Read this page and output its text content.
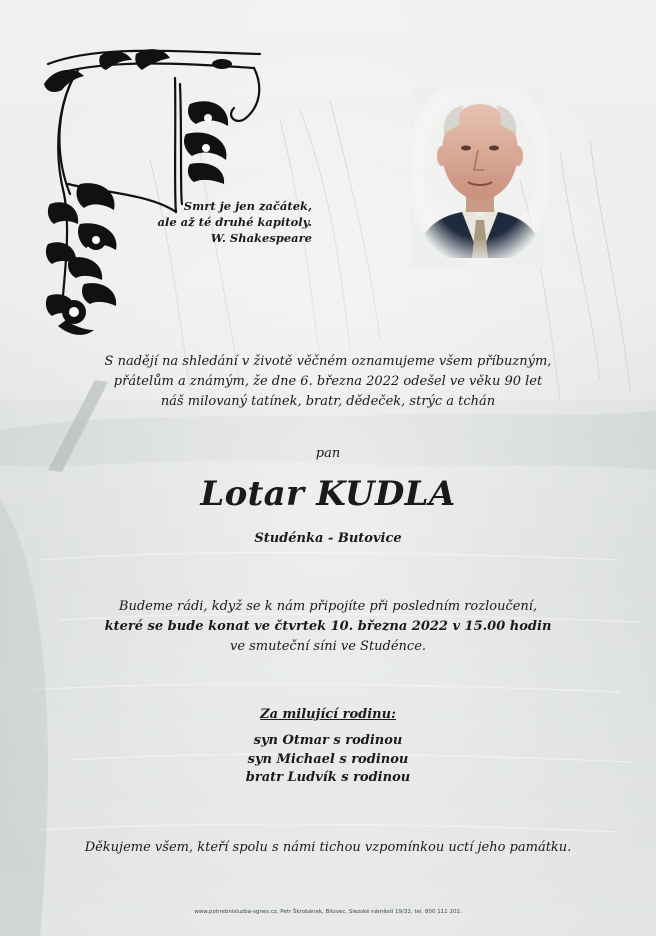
Smrt je jen začátek,
ale až té druhé kapitoly.
W. Shakespeare
S nadějí na shledání v životě věčném oznamujeme všem příbuzným,
přátelům a známým, že dne 6. března 2022 odešel ve věku 90 let
náš milovaný tatínek, bratr, dědeček, strýc a tchán
pan
Lotar KUDLA
Studénka - Butovice
Budeme rádi, když se k nám připojíte při posledním rozloučení,
které se bude konat ve čtvrtek 10. března 2022 v 15.00 hodin
ve smuteční síni ve Studénce.
Za milující rodinu:
syn Otmar s rodinou
syn Michael s rodinou
bratr Ludvík s rodinou
Děkujeme všem, kteří spolu s námi tichou vzpomínkou uctí jeho památku.
www.pohrebnisluzba-sgnes.cz, Petr Škrobánek, Bílovec, Slezské náměstí 19/32, tel. 800 111 202.
